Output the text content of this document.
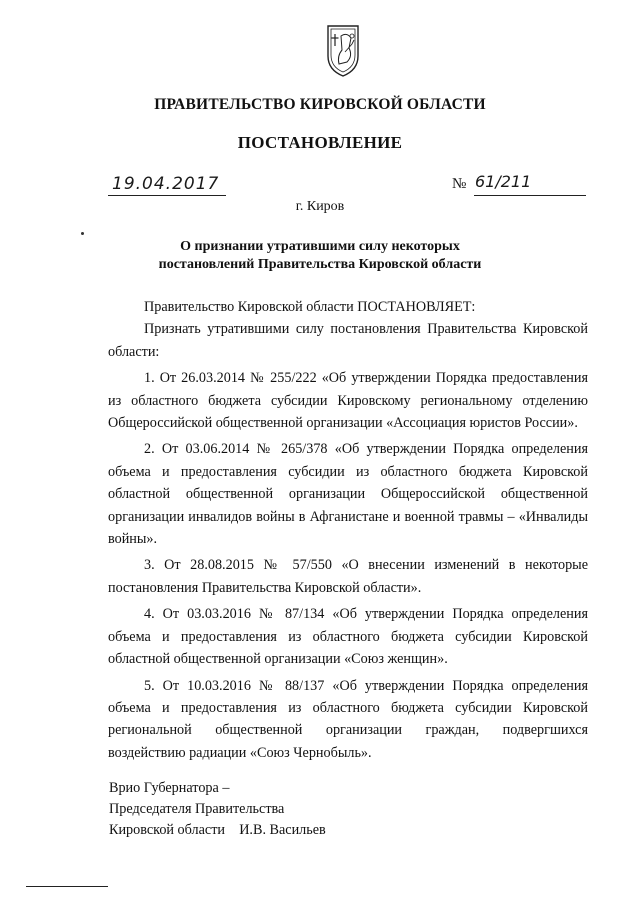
ПРАВИТЕЛЬСТВО КИРОВСКОЙ ОБЛАСТИ
ПОСТАНОВЛЕНИЕ
19.04.2017	№ 61/211
г. Киров
О признании утратившими силу некоторых
постановлений Правительства Кировской области

Правительство Кировской области ПОСТАНОВЛЯЕТ:

Признать утратившими силу постановления Правительства Кировской области:

1. От 26.03.2014 № 255/222 «Об утверждении Порядка предоставления из областного бюджета субсидии Кировскому региональному отделению Общероссийской общественной организации «Ассоциация юристов России».

2. От 03.06.2014 № 265/378 «Об утверждении Порядка определения объема и предоставления субсидии из областного бюджета Кировской областной общественной организации Общероссийской общественной организации инвалидов войны в Афганистане и военной травмы – «Инвалиды войны».

3. От 28.08.2015 № 57/550 «О внесении изменений в некоторые постановления Правительства Кировской области».

4. От 03.03.2016 № 87/134 «Об утверждении Порядка определения объема и предоставления из областного бюджета субсидии Кировской областной общественной организации «Союз женщин».

5. От 10.03.2016 № 88/137 «Об утверждении Порядка определения объема и предоставления из областного бюджета субсидии Кировской региональной общественной организации граждан, подвергшихся воздействию радиации «Союз Чернобыль».

Врио Губернатора –
Председателя Правительства
Кировской области И.В. Васильев
